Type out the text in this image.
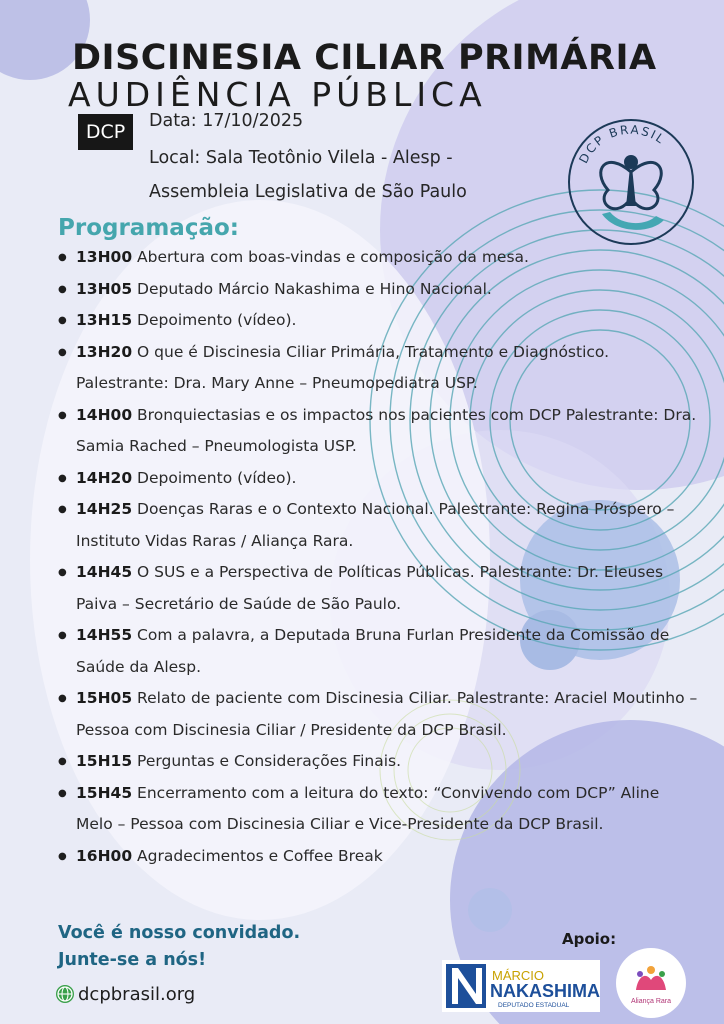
DISCINESIA CILIAR PRIMÁRIA
AUDIÊNCIA PÚBLICA
DCP	Data: 17/10/2025
Local: Sala Teotônio Vilela - Alesp -
Assembleia Legislativa de São Paulo
DCP BRASIL
Programação:
● 13H00 Abertura com boas-vindas e composição da mesa.
● 13H05 Deputado Márcio Nakashima e Hino Nacional.
● 13H15 Depoimento (vídeo).
● 13H20 O que é Discinesia Ciliar Primária, Tratamento e Diagnóstico. Palestrante: Dra. Mary Anne – Pneumopediatra USP.
● 14H00 Bronquiectasias e os impactos nos pacientes com DCP Palestrante: Dra. Samia Rached – Pneumologista USP.
● 14H20 Depoimento (vídeo).
● 14H25 Doenças Raras e o Contexto Nacional. Palestrante: Regina Próspero – Instituto Vidas Raras / Aliança Rara.
● 14H45 O SUS e a Perspectiva de Políticas Públicas. Palestrante: Dr. Eleuses Paiva – Secretário de Saúde de São Paulo.
● 14H55 Com a palavra, a Deputada Bruna Furlan Presidente da Comissão de Saúde da Alesp.
● 15H05 Relato de paciente com Discinesia Ciliar. Palestrante: Araciel Moutinho – Pessoa com Discinesia Ciliar / Presidente da DCP Brasil.
● 15H15 Perguntas e Considerações Finais.
● 15H45 Encerramento com a leitura do texto: “Convivendo com DCP” Aline Melo – Pessoa com Discinesia Ciliar e Vice-Presidente da DCP Brasil.
● 16H00 Agradecimentos e Coffee Break
Você é nosso convidado.
Junte-se a nós!
dcpbrasil.org
Apoio:
MÁRCIO
NAKASHIMA
DEPUTADO ESTADUAL
Aliança Rara
